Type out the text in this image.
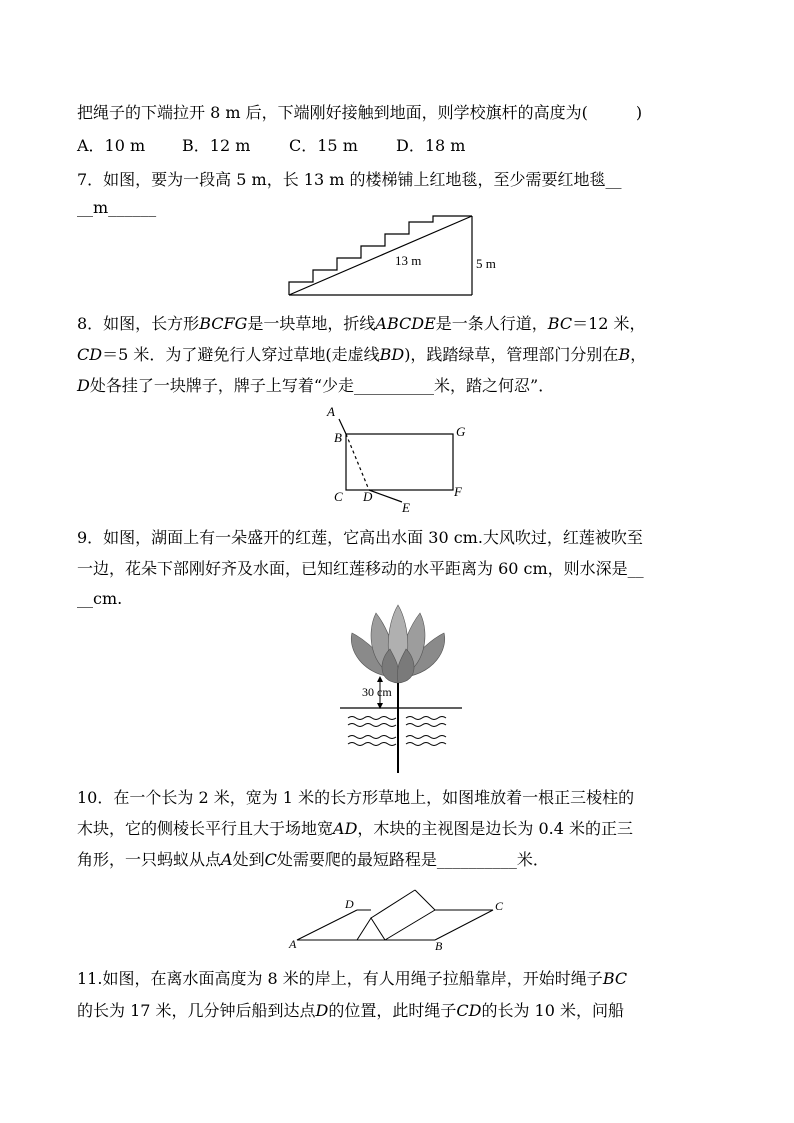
把绳子的下端拉开 8 m 后，下端刚好接触到地面，则学校旗杆的高度为(　　　)
A．10 m B．12 m C．15 m D．18 m
7．如图，要为一段高 5 m，长 13 m 的楼梯铺上红地毯，至少需要红地毯__
__m______
13 m	5 m
8．如图，长方形BCFG是一块草地，折线ABCDE是一条人行道，BC＝12 米，
CD＝5 米．为了避免行人穿过草地(走虚线BD)，践踏绿草，管理部门分别在B，
D处各挂了一块牌子，牌子上写着“少走__________米，踏之何忍”．
A
B	G
C D	F
E
9．如图，湖面上有一朵盛开的红莲，它高出水面 30 cm.大风吹过，红莲被吹至
一边，花朵下部刚好齐及水面，已知红莲移动的水平距离为 60 cm，则水深是__
__cm.
30 cm
10．在一个长为 2 米，宽为 1 米的长方形草地上，如图堆放着一根正三棱柱的
木块，它的侧棱长平行且大于场地宽AD，木块的主视图是边长为 0.4 米的正三
角形，一只蚂蚁从点A处到C处需要爬的最短路程是__________米．
D	C
A	B
11.如图，在离水面高度为 8 米的岸上，有人用绳子拉船靠岸，开始时绳子BC
的长为 17 米，几分钟后船到达点D的位置，此时绳子CD的长为 10 米，问船
